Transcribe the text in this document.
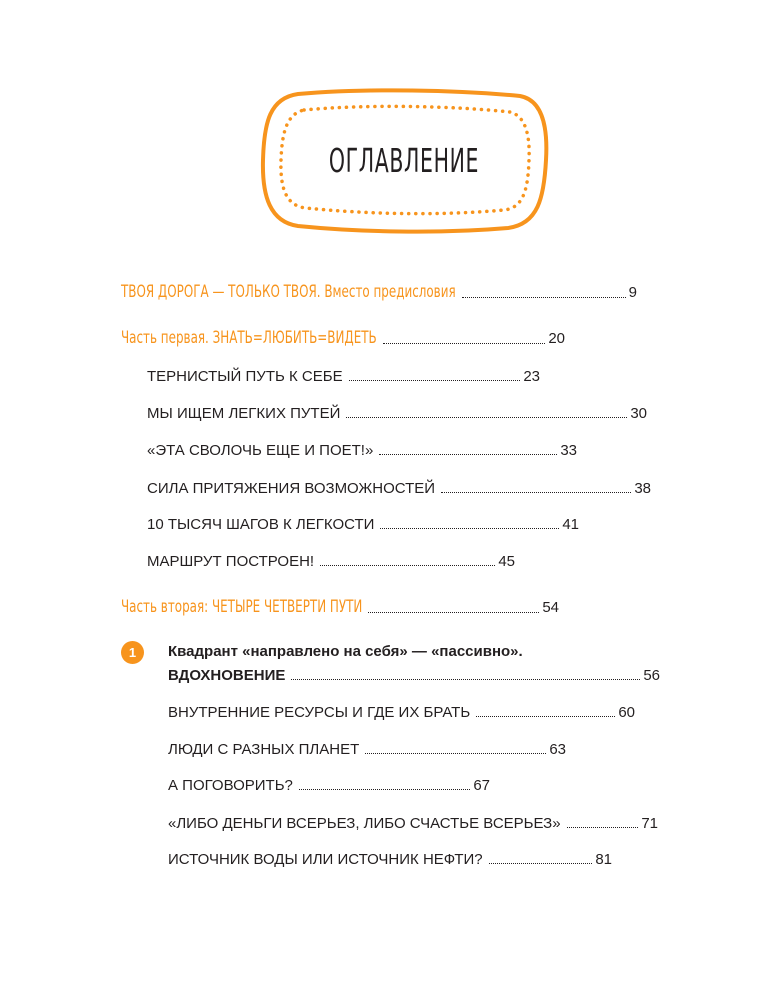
ОГЛАВЛЕНИЕ
ТВОЯ ДОРОГА — ТОЛЬКО ТВОЯ. Вместо предисловия	9
Часть первая. ЗНАТЬ=ЛЮБИТЬ=ВИДЕТЬ	20
ТЕРНИСТЫЙ ПУТЬ К СЕБЕ	23
МЫ ИЩЕМ ЛЕГКИХ ПУТЕЙ	30
«ЭТА СВОЛОЧЬ ЕЩЕ И ПОЕТ!»	33
СИЛА ПРИТЯЖЕНИЯ ВОЗМОЖНОСТЕЙ	38
10 ТЫСЯЧ ШАГОВ К ЛЕГКОСТИ	41
МАРШРУТ ПОСТРОЕН!	45
Часть вторая: ЧЕТЫРЕ ЧЕТВЕРТИ ПУТИ	54
1	Квадрант «направлено на себя» — «пассивно».
ВДОХНОВЕНИЕ	56
ВНУТРЕННИЕ РЕСУРСЫ И ГДЕ ИХ БРАТЬ	60
ЛЮДИ С РАЗНЫХ ПЛАНЕТ	63
А ПОГОВОРИТЬ?	67
«ЛИБО ДЕНЬГИ ВСЕРЬЕЗ, ЛИБО СЧАСТЬЕ ВСЕРЬЕЗ»	71
ИСТОЧНИК ВОДЫ ИЛИ ИСТОЧНИК НЕФТИ?	81
